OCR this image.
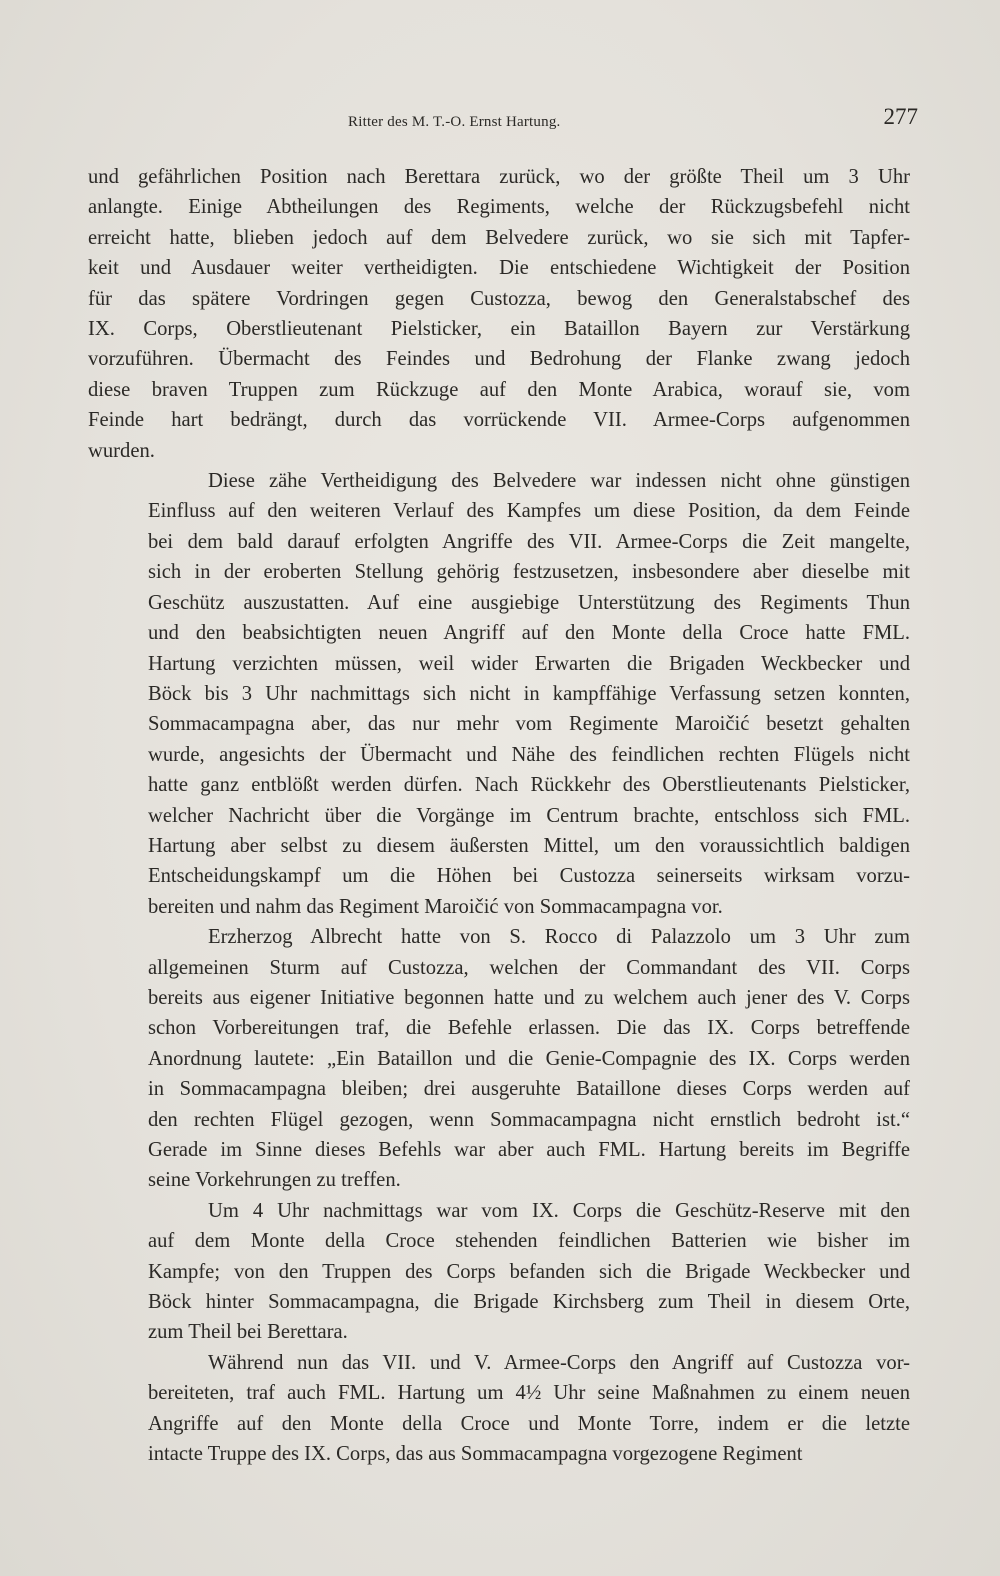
Ritter des M. T.-O. Ernst Hartung.	277

und gefährlichen Position nach Berettara zurück, wo der größte Theil um 3 Uhr
anlangte. Einige Abtheilungen des Regiments, welche der Rückzugsbefehl nicht
erreicht hatte, blieben jedoch auf dem Belvedere zurück, wo sie sich mit Tapfer-
keit und Ausdauer weiter vertheidigten. Die entschiedene Wichtigkeit der Position
für das spätere Vordringen gegen Custozza, bewog den Generalstabschef des
IX. Corps, Oberstlieutenant Pielsticker, ein Bataillon Bayern zur Verstärkung
vorzuführen. Übermacht des Feindes und Bedrohung der Flanke zwang jedoch
diese braven Truppen zum Rückzuge auf den Monte Arabica, worauf sie, vom
Feinde hart bedrängt, durch das vorrückende VII. Armee-Corps aufgenommen
wurden.

Diese zähe Vertheidigung des Belvedere war indessen nicht ohne günstigen
Einfluss auf den weiteren Verlauf des Kampfes um diese Position, da dem Feinde
bei dem bald darauf erfolgten Angriffe des VII. Armee-Corps die Zeit mangelte,
sich in der eroberten Stellung gehörig festzusetzen, insbesondere aber dieselbe mit
Geschütz auszustatten. Auf eine ausgiebige Unterstützung des Regiments Thun
und den beabsichtigten neuen Angriff auf den Monte della Croce hatte FML.
Hartung verzichten müssen, weil wider Erwarten die Brigaden Weckbecker und
Böck bis 3 Uhr nachmittags sich nicht in kampffähige Verfassung setzen konnten,
Sommacampagna aber, das nur mehr vom Regimente Maroičić besetzt gehalten
wurde, angesichts der Übermacht und Nähe des feindlichen rechten Flügels nicht
hatte ganz entblößt werden dürfen. Nach Rückkehr des Oberstlieutenants Pielsticker,
welcher Nachricht über die Vorgänge im Centrum brachte, entschloss sich FML.
Hartung aber selbst zu diesem äußersten Mittel, um den voraussichtlich baldigen
Entscheidungskampf um die Höhen bei Custozza seinerseits wirksam vorzu-
bereiten und nahm das Regiment Maroičić von Sommacampagna vor.

Erzherzog Albrecht hatte von S. Rocco di Palazzolo um 3 Uhr zum
allgemeinen Sturm auf Custozza, welchen der Commandant des VII. Corps
bereits aus eigener Initiative begonnen hatte und zu welchem auch jener des V. Corps
schon Vorbereitungen traf, die Befehle erlassen. Die das IX. Corps betreffende
Anordnung lautete: „Ein Bataillon und die Genie-Compagnie des IX. Corps werden
in Sommacampagna bleiben; drei ausgeruhte Bataillone dieses Corps werden auf
den rechten Flügel gezogen, wenn Sommacampagna nicht ernstlich bedroht ist.“
Gerade im Sinne dieses Befehls war aber auch FML. Hartung bereits im Begriffe
seine Vorkehrungen zu treffen.

Um 4 Uhr nachmittags war vom IX. Corps die Geschütz-Reserve mit den
auf dem Monte della Croce stehenden feindlichen Batterien wie bisher im
Kampfe; von den Truppen des Corps befanden sich die Brigade Weckbecker und
Böck hinter Sommacampagna, die Brigade Kirchsberg zum Theil in diesem Orte,
zum Theil bei Berettara.

Während nun das VII. und V. Armee-Corps den Angriff auf Custozza vor-
bereiteten, traf auch FML. Hartung um 4½ Uhr seine Maßnahmen zu einem neuen
Angriffe auf den Monte della Croce und Monte Torre, indem er die letzte
intacte Truppe des IX. Corps, das aus Sommacampagna vorgezogene Regiment
